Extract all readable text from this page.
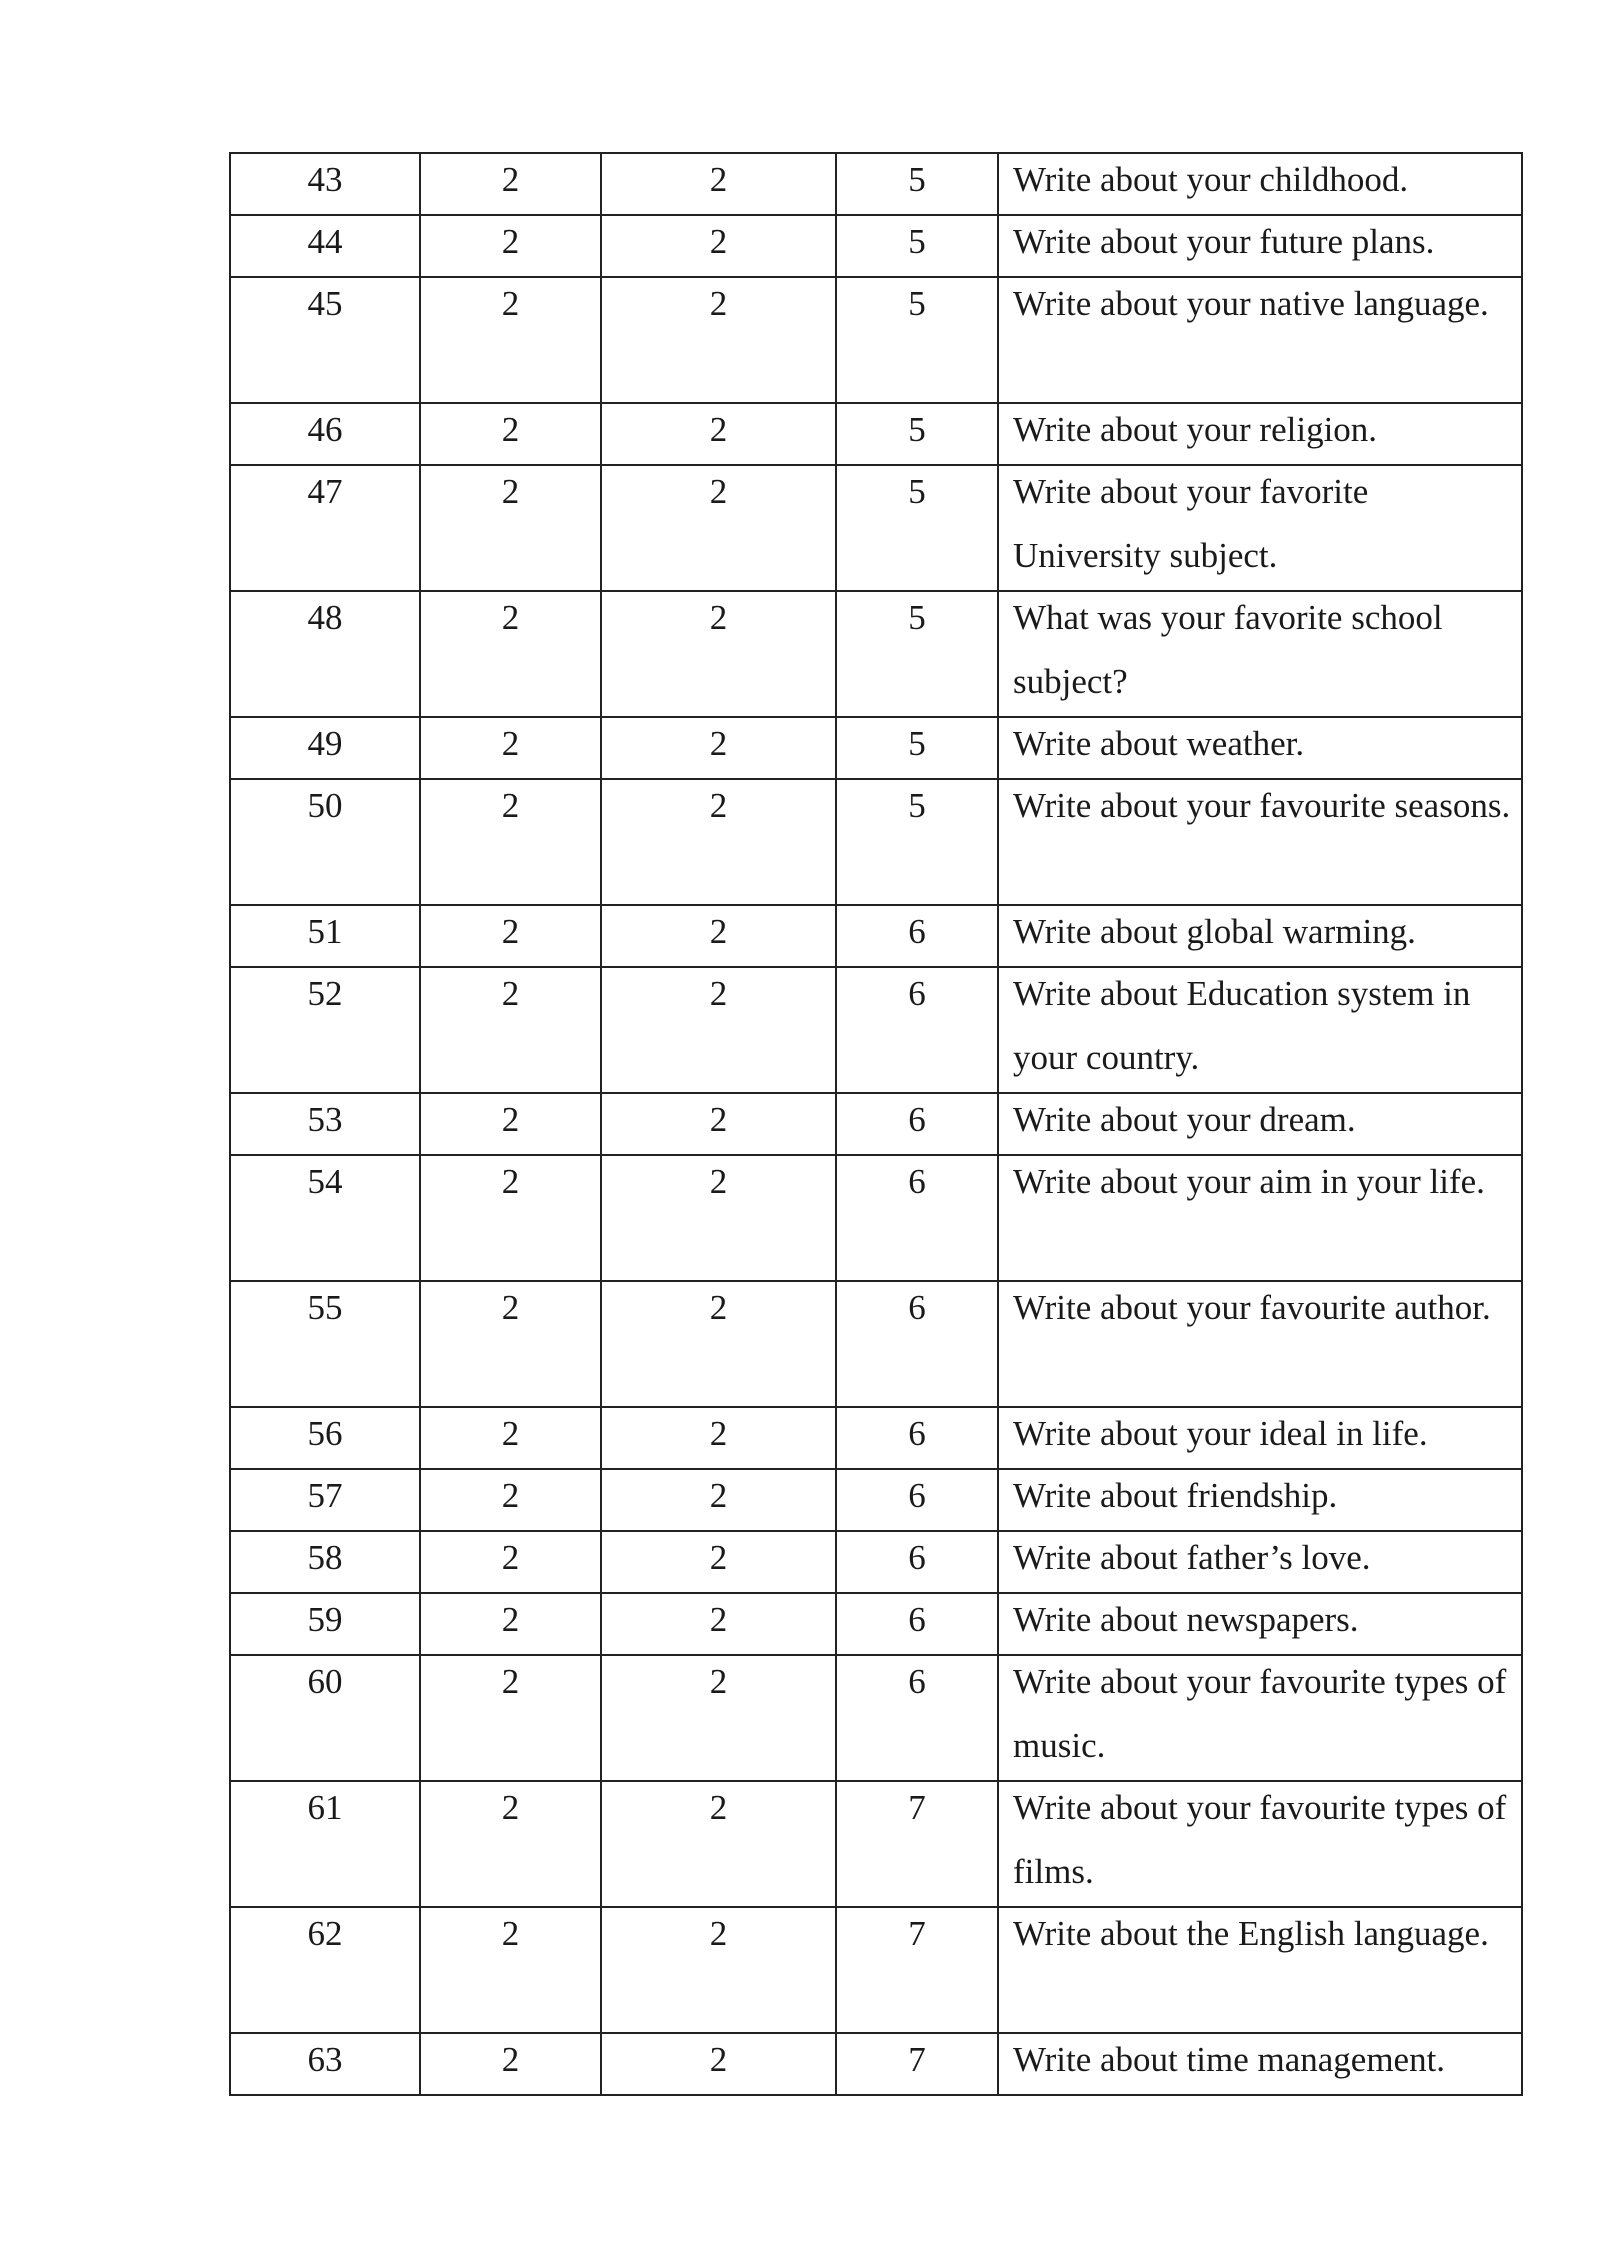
43	2	2	5	Write about your childhood.

44	2	2	5	Write about your future plans.

45	2	2	5	Write about your native language.

46	2	2	5	Write about your religion.

47	2	2	5	Write about your favorite University subject.

48	2	2	5	What was your favorite school subject?

49	2	2	5	Write about weather.

50	2	2	5	Write about your favourite seasons.

51	2	2	6	Write about global warming.

52	2	2	6	Write about Education system in your country.

53	2	2	6	Write about your dream.

54	2	2	6	Write about your aim in your life.

55	2	2	6	Write about your favourite author.

56	2	2	6	Write about your ideal in life.

57	2	2	6	Write about friendship.

58	2	2	6	Write about father’s love.

59	2	2	6	Write about newspapers.

60	2	2	6	Write about your favourite types of music.

61	2	2	7	Write about your favourite types of films.

62	2	2	7	Write about the English language.

63	2	2	7	Write about time management.
